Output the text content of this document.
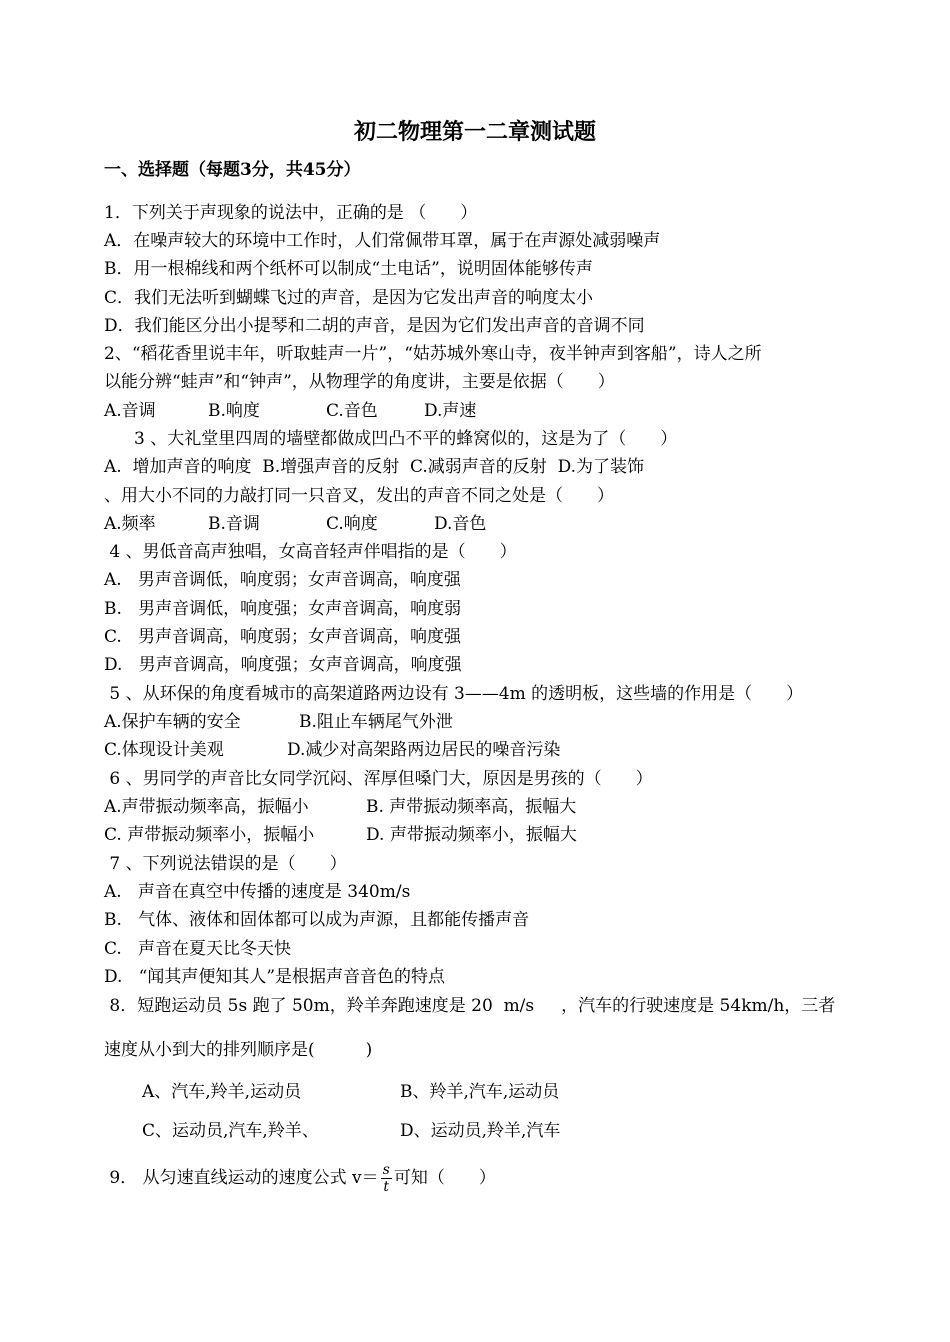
初二物理第一二章测试题
一、选择题（每题3分，共45分）
1．下列关于声现象的说法中，正确的是 （　　）
A．在噪声较大的环境中工作时，人们常佩带耳罩，属于在声源处减弱噪声
B．用一根棉线和两个纸杯可以制成“土电话”，说明固体能够传声
C．我们无法听到蝴蝶飞过的声音，是因为它发出声音的响度太小
D．我们能区分出小提琴和二胡的声音，是因为它们发出声音的音调不同
2、“稻花香里说丰年，听取蛙声一片”，“姑苏城外寒山寺，夜半钟声到客船”，诗人之所
以能分辨“蛙声”和“钟声”，从物理学的角度讲，主要是依据（　　）

A.音调

	B.响度

	C.音色

	D.声速

3 、大礼堂里四周的墙壁都做成凹凸不平的蜂窝似的，这是为了（　　）
A.  增加声音的响度  B.增强声音的反射  C.减弱声音的反射  D.为了装饰
、用大小不同的力敲打同一只音叉，发出的声音不同之处是（　　）

A.频率

	B.音调

	C.响度

	D.音色

4 、男低音高声独唱，女高音轻声伴唱指的是（　　）
A.   男声音调低，响度弱；女声音调高，响度强
B.   男声音调低，响度强；女声音调高，响度弱
C.   男声音调高，响度弱；女声音调高，响度强
D.   男声音调高，响度强；女声音调高，响度强
5 、从环保的角度看城市的高架道路两边设有 3——4m 的透明板，这些墙的作用是（　　）

A.保护车辆的安全

	B.阻止车辆尾气外泄

C.体现设计美观

	D.减少对高架路两边居民的噪音污染

6 、男同学的声音比女同学沉闷、浑厚但嗓门大，原因是男孩的（　　）

A.声带振动频率高，振幅小

	B. 声带振动频率高，振幅大

C. 声带振动频率小，振幅小

	D. 声带振动频率小，振幅大

7 、下列说法错误的是（　　）
A.   声音在真空中传播的速度是 340m/s
B.   气体、液体和固体都可以成为声源，且都能传播声音
C.   声音在夏天比冬天快
D.   “闻其声便知其人”是根据声音音色的特点
8．短跑运动员 5s 跑了 50m，羚羊奔跑速度是 20  m/s     ，汽车的行驶速度是 54km/h，三者
速度从小到大的排列顺序是(　　　)

A、汽车,羚羊,运动员

	B、羚羊,汽车,运动员

C、运动员,汽车,羚羊、

	D、运动员,羚羊,汽车

9． 从匀速直线运动的速度公式 $v= \frac{s}{t}$ 可知（　　）
